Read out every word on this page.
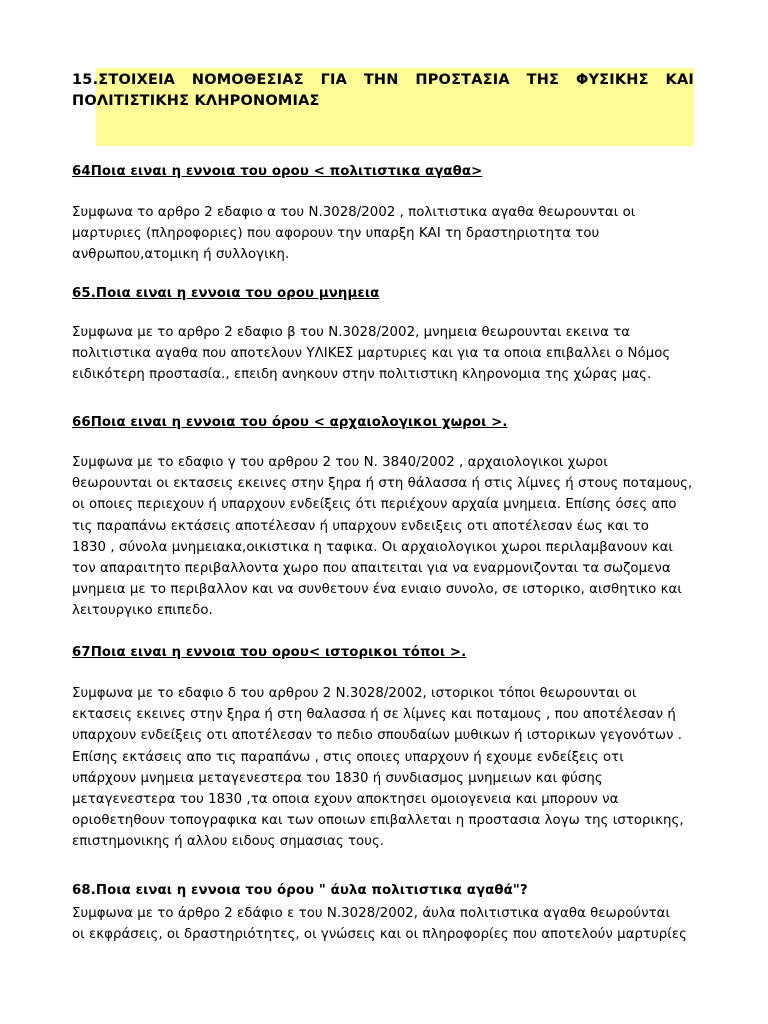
15.ΣΤΟΙΧΕΙΑ ΝΟΜΟΘΕΣΙΑΣ ΓΙΑ ΤΗΝ ΠΡΟΣΤΑΣΙΑ ΤΗΣ ΦΥΣΙΚΗΣ ΚΑΙ ΠΟΛΙΤΙΣΤΙΚΗΣ ΚΛΗΡΟΝΟΜΙΑΣ
64Ποια ειναι η εννοια του ορου < πολιτιστικα αγαθα>

Συμφωνα το αρθρο 2 εδαφιο α του Ν.3028/2002 , πολιτιστικα αγαθα θεωρουνται οι

μαρτυριες (πληροφοριες) που αφορουν την υπαρξη ΚΑΙ τη δραστηριοτητα του

ανθρωπου,ατομικη ή συλλογικη.

65.Ποια ειναι η εννοια του ορου μνημεια

Συμφωνα με το αρθρο 2 εδαφιο β του Ν.3028/2002, μνημεια θεωρουνται εκεινα τα

πολιτιστικα αγαθα που αποτελουν ΥΛΙΚΕΣ μαρτυριες και για τα οποια επιβαλλει ο Νόμος

ειδικότερη προστασία., επειδη ανηκουν στην πολιτιστικη κληρονομια της χώρας μας.

66Ποια ειναι η εννοια του όρου < αρχαιολογικοι χωροι >.

Συμφωνα με το εδαφιο γ του αρθρου 2 του Ν. 3840/2002 , αρχαιολογικοι χωροι

θεωρουνται οι εκτασεις εκεινες στην ξηρα ή στη θάλασσα ή στις λίμνες ή στους ποταμους,

οι οποιες περιεχουν ή υπαρχουν ενδείξεις ότι περιέχουν αρχαία μνημεια. Επίσης όσες απο

τις παραπάνω εκτάσεις αποτέλεσαν ή υπαρχουν ενδειξεις οτι αποτέλεσαν έως και το

1830 , σύνολα μνημειακα,οικιστικα η ταφικα. Οι αρχαιολογικοι χωροι περιλαμβανουν και

τον απαραιτητο περιβαλλοντα χωρο που απαιτειται για να εναρμονιζονται τα σωζομενα

μνημεια με το περιβαλλον και να συνθετουν ένα ενιαιο συνολο, σε ιστορικο, αισθητικο και

λειτουργικο επιπεδο.

67Ποια ειναι η εννοια του ορου< ιστορικοι τόποι >.

Συμφωνα με το εδαφιο δ του αρθρου 2 Ν.3028/2002, ιστορικοι τόποι θεωρουνται οι

εκτασεις εκεινες στην ξηρα ή στη θαλασσα ή σε λίμνες και ποταμους , που αποτέλεσαν ή

υπαρχουν ενδείξεις οτι αποτέλεσαν το πεδιο σπουδαίων μυθικων ή ιστορικων γεγονότων .

Επίσης εκτάσεις απο τις παραπάνω , στις οποιες υπαρχουν ή εχουμε ενδείξεις οτι

υπάρχουν μνημεια μεταγενεστερα του 1830 ή συνδιασμος μνημειων και φύσης

μεταγενεστερα του 1830 ,τα οποια εχουν αποκτησει ομοιογενεια και μπορουν να

οριοθετηθουν τοπογραφικα και των οποιων επιβαλλεται η προστασια λογω της ιστορικης,

επιστημονικης ή αλλου ειδους σημασιας τους.

68.Ποια ειναι η εννοια του όρου " άυλα πολιτιστικα αγαθά"?

Συμφωνα με το άρθρο 2 εδάφιο ε του Ν.3028/2002, άυλα πολιτιστικα αγαθα θεωρούνται

οι εκφράσεις, οι δραστηριότητες, οι γνώσεις και οι πληροφορίες που αποτελούν μαρτυρίες
